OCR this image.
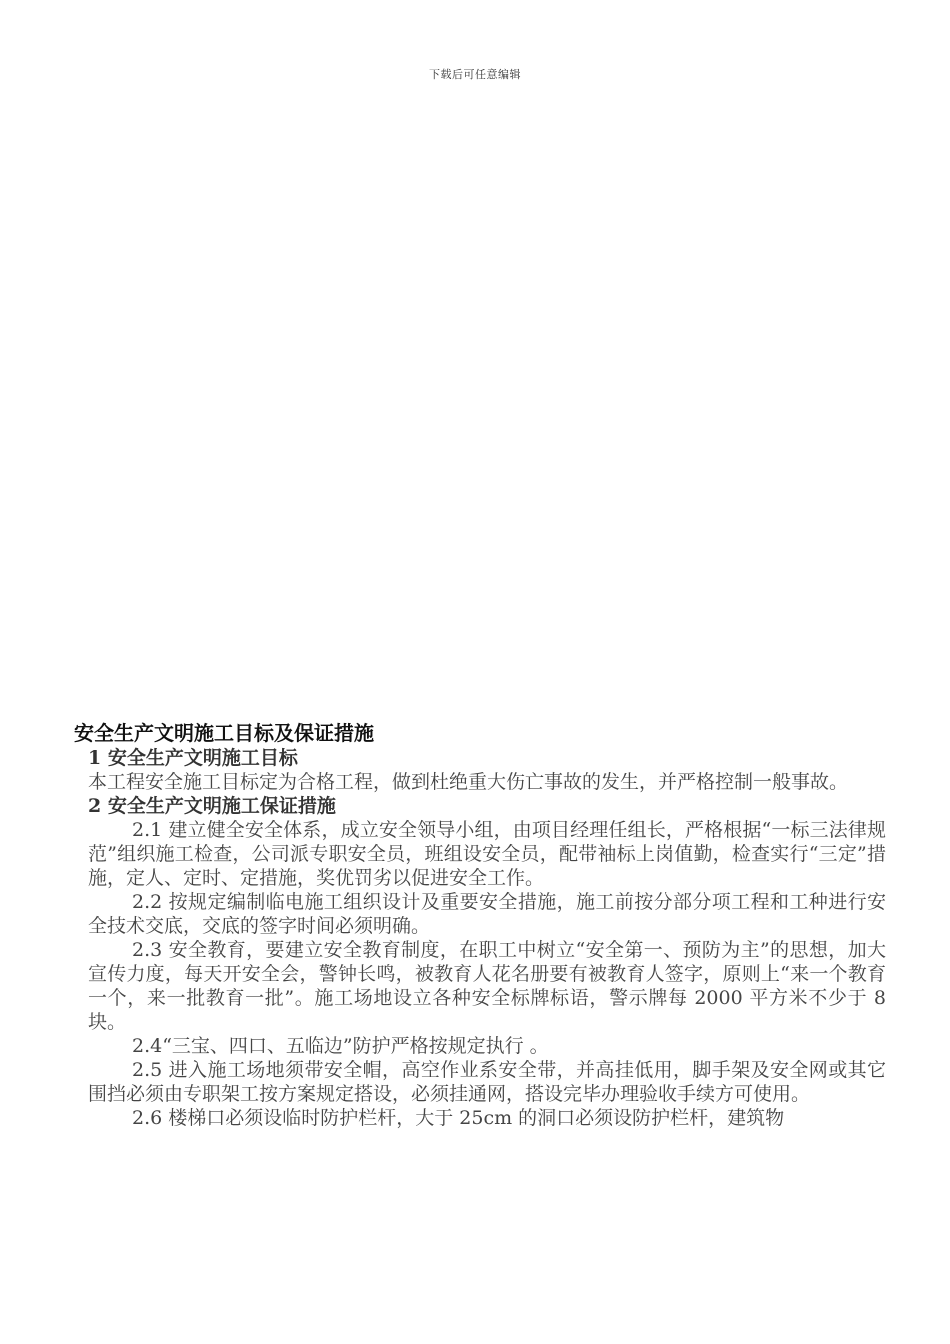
下载后可任意编辑
安全生产文明施工目标及保证措施
1 安全生产文明施工目标

本工程安全施工目标定为合格工程，做到杜绝重大伤亡事故的发生，并严格控制一般事故。

2 安全生产文明施工保证措施

2.1 建立健全安全体系，成立安全领导小组，由项目经理任组长，严格根据“一标三法律规范”组织施工检查，公司派专职安全员，班组设安全员，配带袖标上岗值勤，检查实行“三定”措施，定人、定时、定措施，奖优罚劣以促进安全工作。

2.2 按规定编制临电施工组织设计及重要安全措施，施工前按分部分项工程和工种进行安全技术交底，交底的签字时间必须明确。

2.3 安全教育，要建立安全教育制度，在职工中树立“安全第一、预防为主”的思想，加大宣传力度，每天开安全会，警钟长鸣，被教育人花名册要有被教育人签字，原则上“来一个教育一个，来一批教育一批”。施工场地设立各种安全标牌标语，警示牌每 2000 平方米不少于 8 块。

2.4“三宝、四口、五临边”防护严格按规定执行 。

2.5 进入施工场地须带安全帽，高空作业系安全带，并高挂低用，脚手架及安全网或其它围挡必须由专职架工按方案规定搭设，必须挂通网，搭设完毕办理验收手续方可使用。

2.6 楼梯口必须设临时防护栏杆，大于 25cm 的洞口必须设防护栏杆，建筑物
